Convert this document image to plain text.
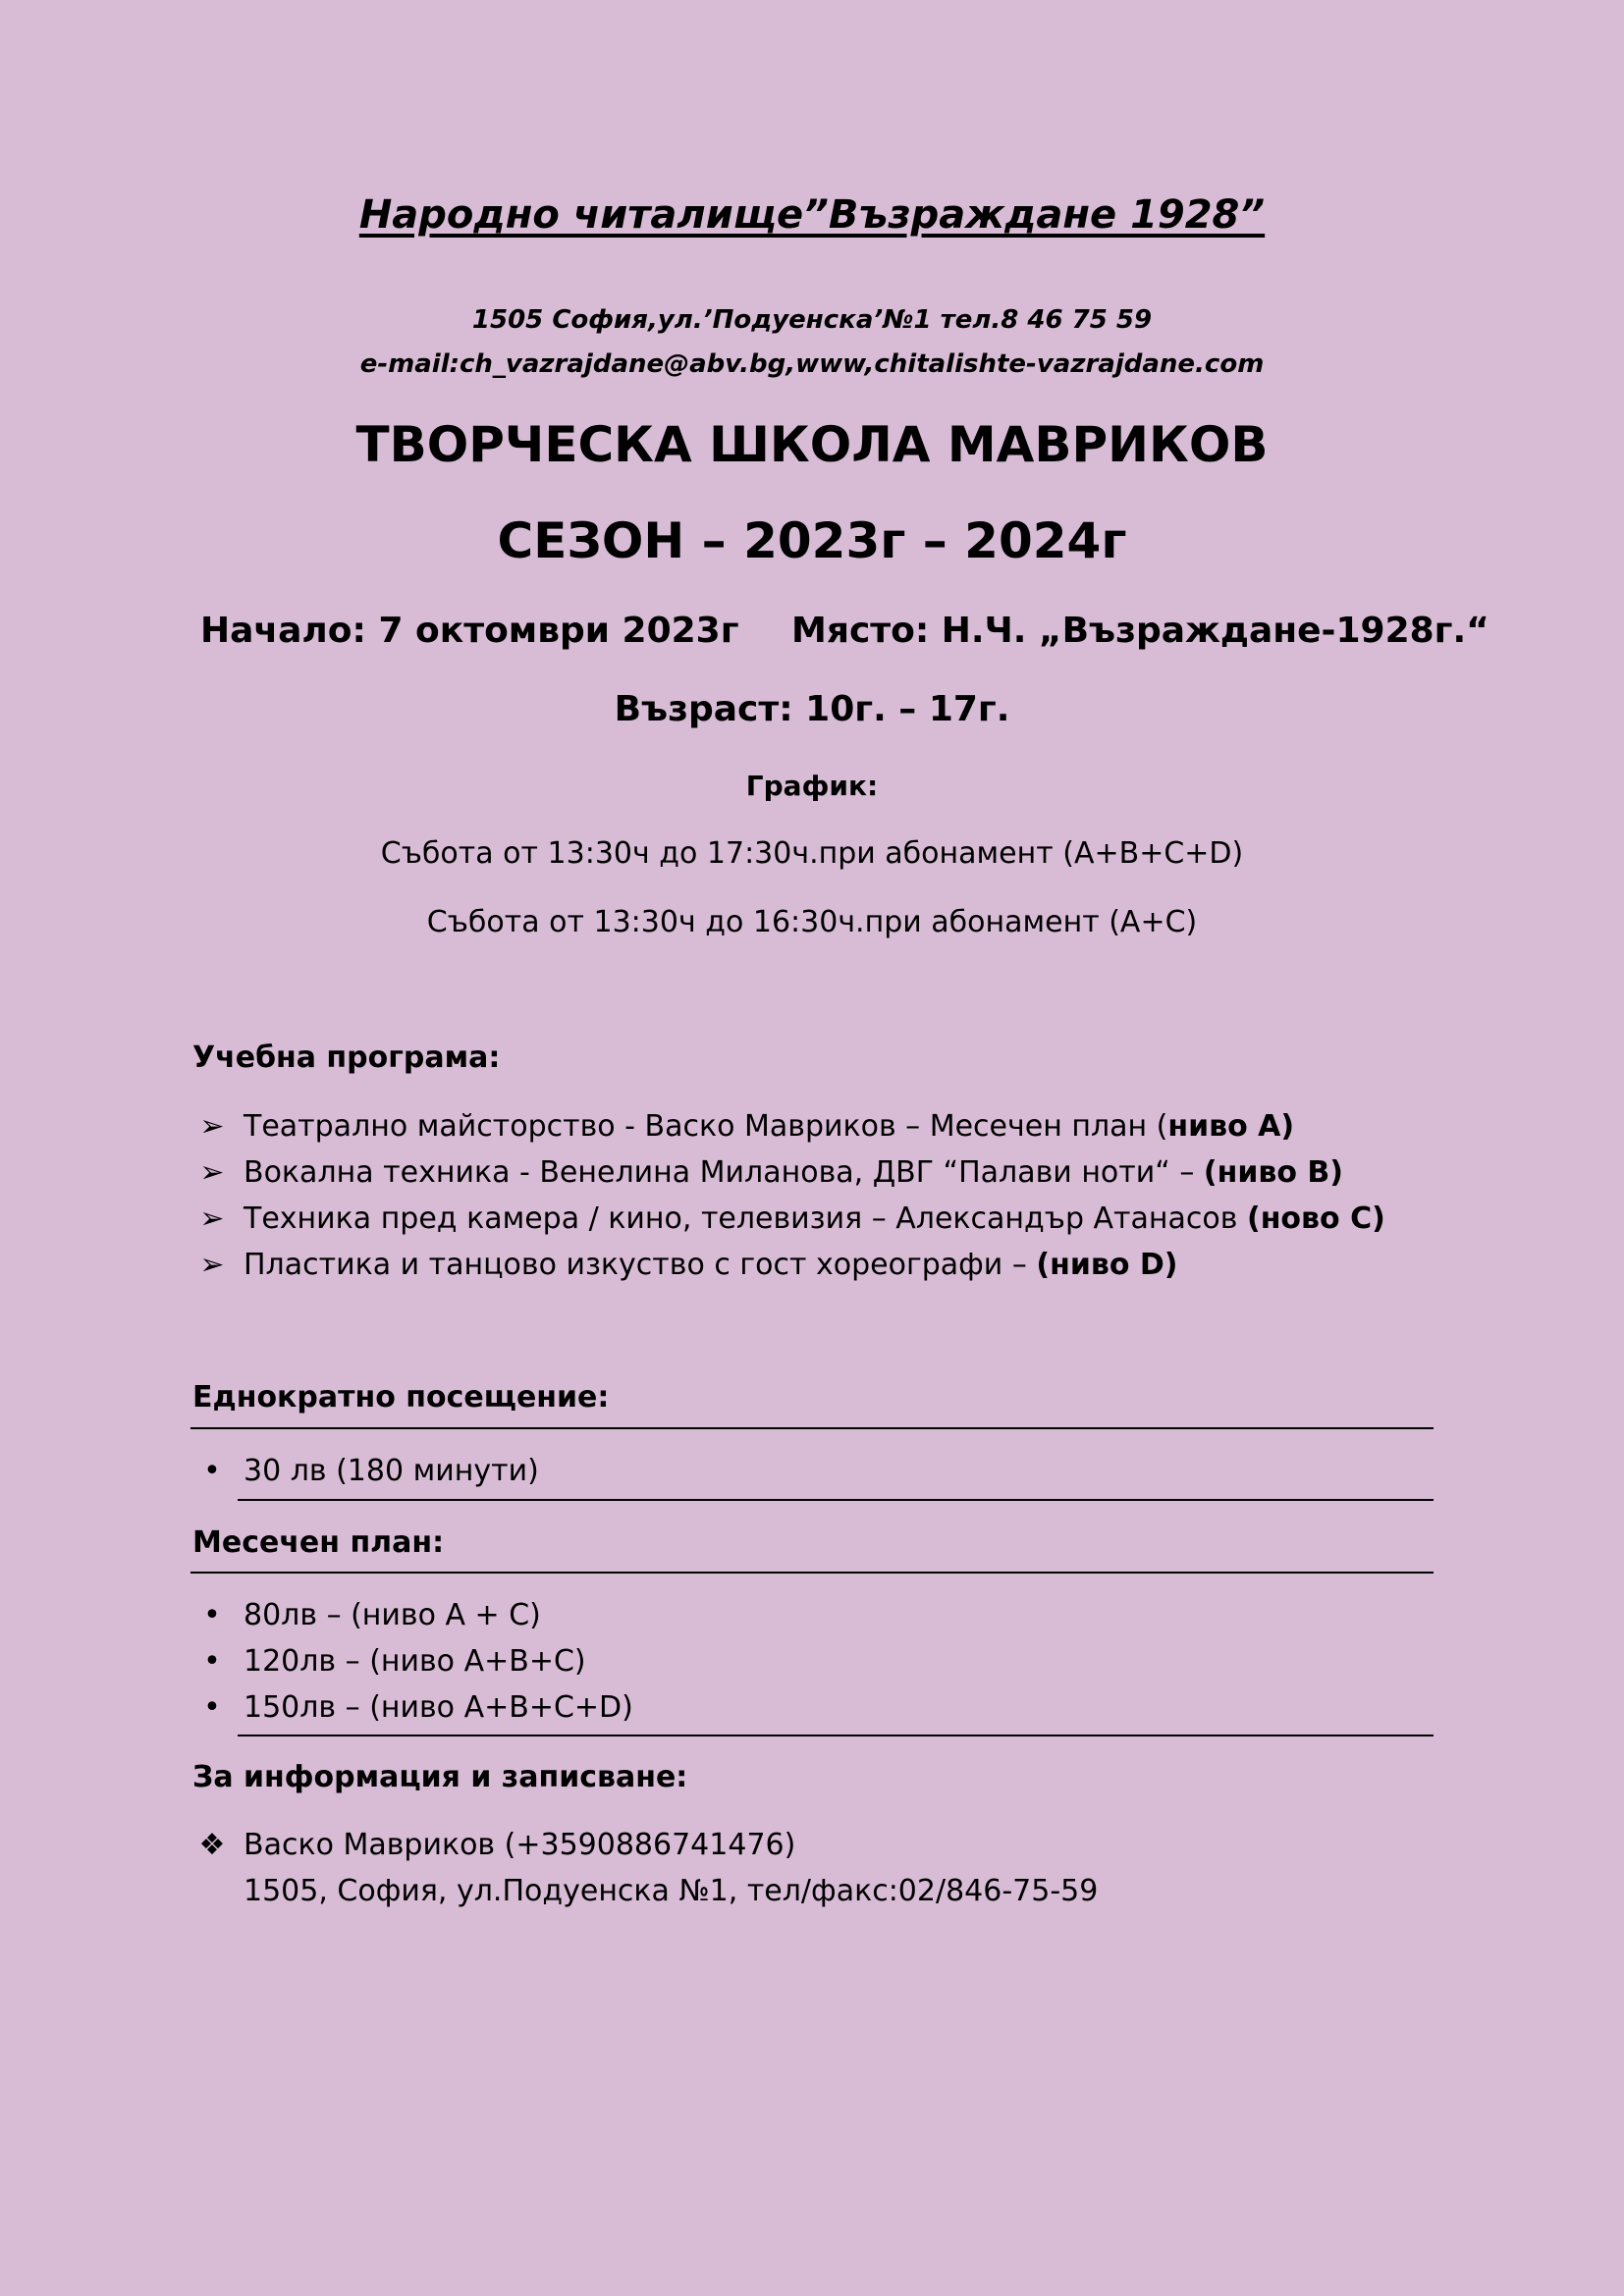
Народно читалище”Възраждане 1928”
1505 София,ул.’Подуенска’№1 тел.8 46 75 59
e-mail:ch_vazrajdane@abv.bg,www,chitalishte-vazrajdane.com
ТВОРЧЕСКА ШКОЛА МАВРИКОВ
СЕЗОН – 2023г – 2024г
Начало: 7 октомври 2023г Място: Н.Ч. „Възраждане-1928г.“
Възраст: 10г. – 17г.
График:
Събота от 13:30ч до 17:30ч.при абонамент (A+B+C+D)
Събота от 13:30ч до 16:30ч.при абонамент (A+C)
Учебна програма:
➢ Театрално майсторство - Васко Мавриков – Месечен план (ниво А)
➢ Вокална техника - Венелина Миланова, ДВГ “Палави ноти“ – (ниво B)
➢ Техника пред камера / кино, телевизия – Александър Атанасов (ново C)
➢ Пластика и танцово изкуство с гост хореографи – (ниво D)
Еднократно посещение:
• 30 лв (180 минути)
Месечен план:
• 80лв – (ниво А + С)
• 120лв – (ниво А+B+C)
• 150лв – (ниво А+B+C+D)
За информация и записване:
❖ Васко Мавриков (+3590886741476)
1505, София, ул.Подуенска №1, тел/факс:02/846-75-59
